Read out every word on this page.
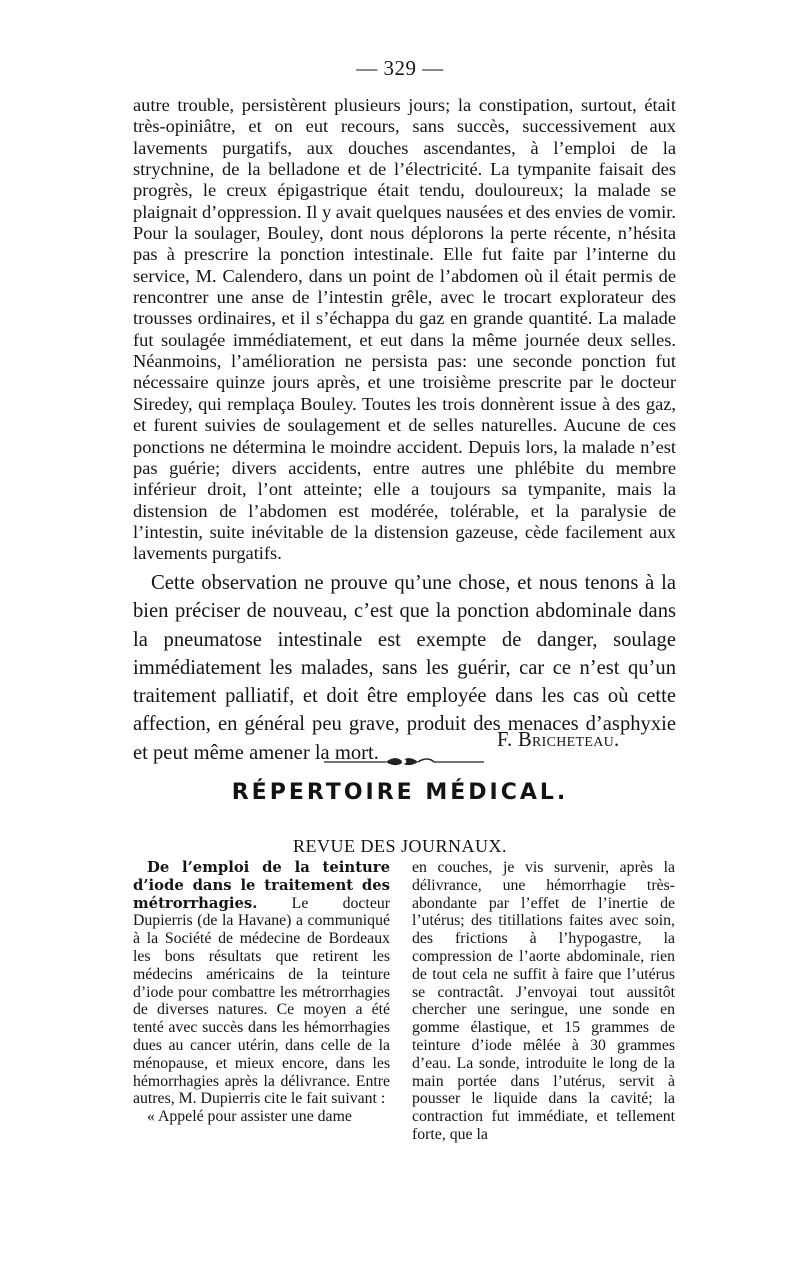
— 329 —

autre trouble, persistèrent plusieurs jours; la constipation, surtout, était très-opiniâtre, et on eut recours, sans succès, successivement aux lavements purgatifs, aux douches ascendantes, à l’emploi de la strychnine, de la belladone et de l’électricité. La tympanite faisait des progrès, le creux épigastrique était tendu, douloureux; la malade se plaignait d’oppression. Il y avait quelques nausées et des envies de vomir. Pour la soulager, Bouley, dont nous déplorons la perte récente, n’hésita pas à prescrire la ponction intestinale. Elle fut faite par l’interne du service, M. Calendero, dans un point de l’abdomen où il était permis de rencontrer une anse de l’intestin grêle, avec le trocart explorateur des trousses ordinaires, et il s’échappa du gaz en grande quantité. La malade fut soulagée immédiatement, et eut dans la même journée deux selles. Néanmoins, l’amélioration ne persista pas: une seconde ponction fut nécessaire quinze jours après, et une troisième prescrite par le docteur Siredey, qui remplaça Bouley. Toutes les trois donnèrent issue à des gaz, et furent suivies de soulagement et de selles naturelles. Aucune de ces ponctions ne détermina le moindre accident. Depuis lors, la malade n’est pas guérie; divers accidents, entre autres une phlébite du membre inférieur droit, l’ont atteinte; elle a toujours sa tympanite, mais la distension de l’abdomen est modérée, tolérable, et la paralysie de l’intestin, suite inévitable de la distension gazeuse, cède facilement aux lavements purgatifs.

Cette observation ne prouve qu’une chose, et nous tenons à la bien préciser de nouveau, c’est que la ponction abdominale dans la pneumatose intestinale est exempte de danger, soulage immédiatement les malades, sans les guérir, car ce n’est qu’un traitement palliatif, et doit être employée dans les cas où cette affection, en général peu grave, produit des menaces d’asphyxie et peut même amener la mort.

F. Bricheteau.
RÉPERTOIRE MÉDICAL.
REVUE DES JOURNAUX.

De l’emploi de la teinture d’iode dans le traitement des métrorrhagies. Le docteur Dupierris (de la Havane) a communiqué à la Société de médecine de Bordeaux les bons résultats que retirent les médecins américains de la teinture d’iode pour combattre les métrorrhagies de diverses natures. Ce moyen a été tenté avec succès dans les hémorrhagies dues au cancer utérin, dans celle de la ménopause, et mieux encore, dans les hémorrhagies après la délivrance. Entre autres, M. Dupierris cite le fait suivant :

« Appelé pour assister une dame

en couches, je vis survenir, après la délivrance, une hémorrhagie très-abondante par l’effet de l’inertie de l’utérus; des titillations faites avec soin, des frictions à l’hypogastre, la compression de l’aorte abdominale, rien de tout cela ne suffit à faire que l’utérus se contractât. J’envoyai tout aussitôt chercher une seringue, une sonde en gomme élastique, et 15 grammes de teinture d’iode mêlée à 30 grammes d’eau. La sonde, introduite le long de la main portée dans l’utérus, servit à pousser le liquide dans la cavité; la contraction fut immédiate, et tellement forte, que la
